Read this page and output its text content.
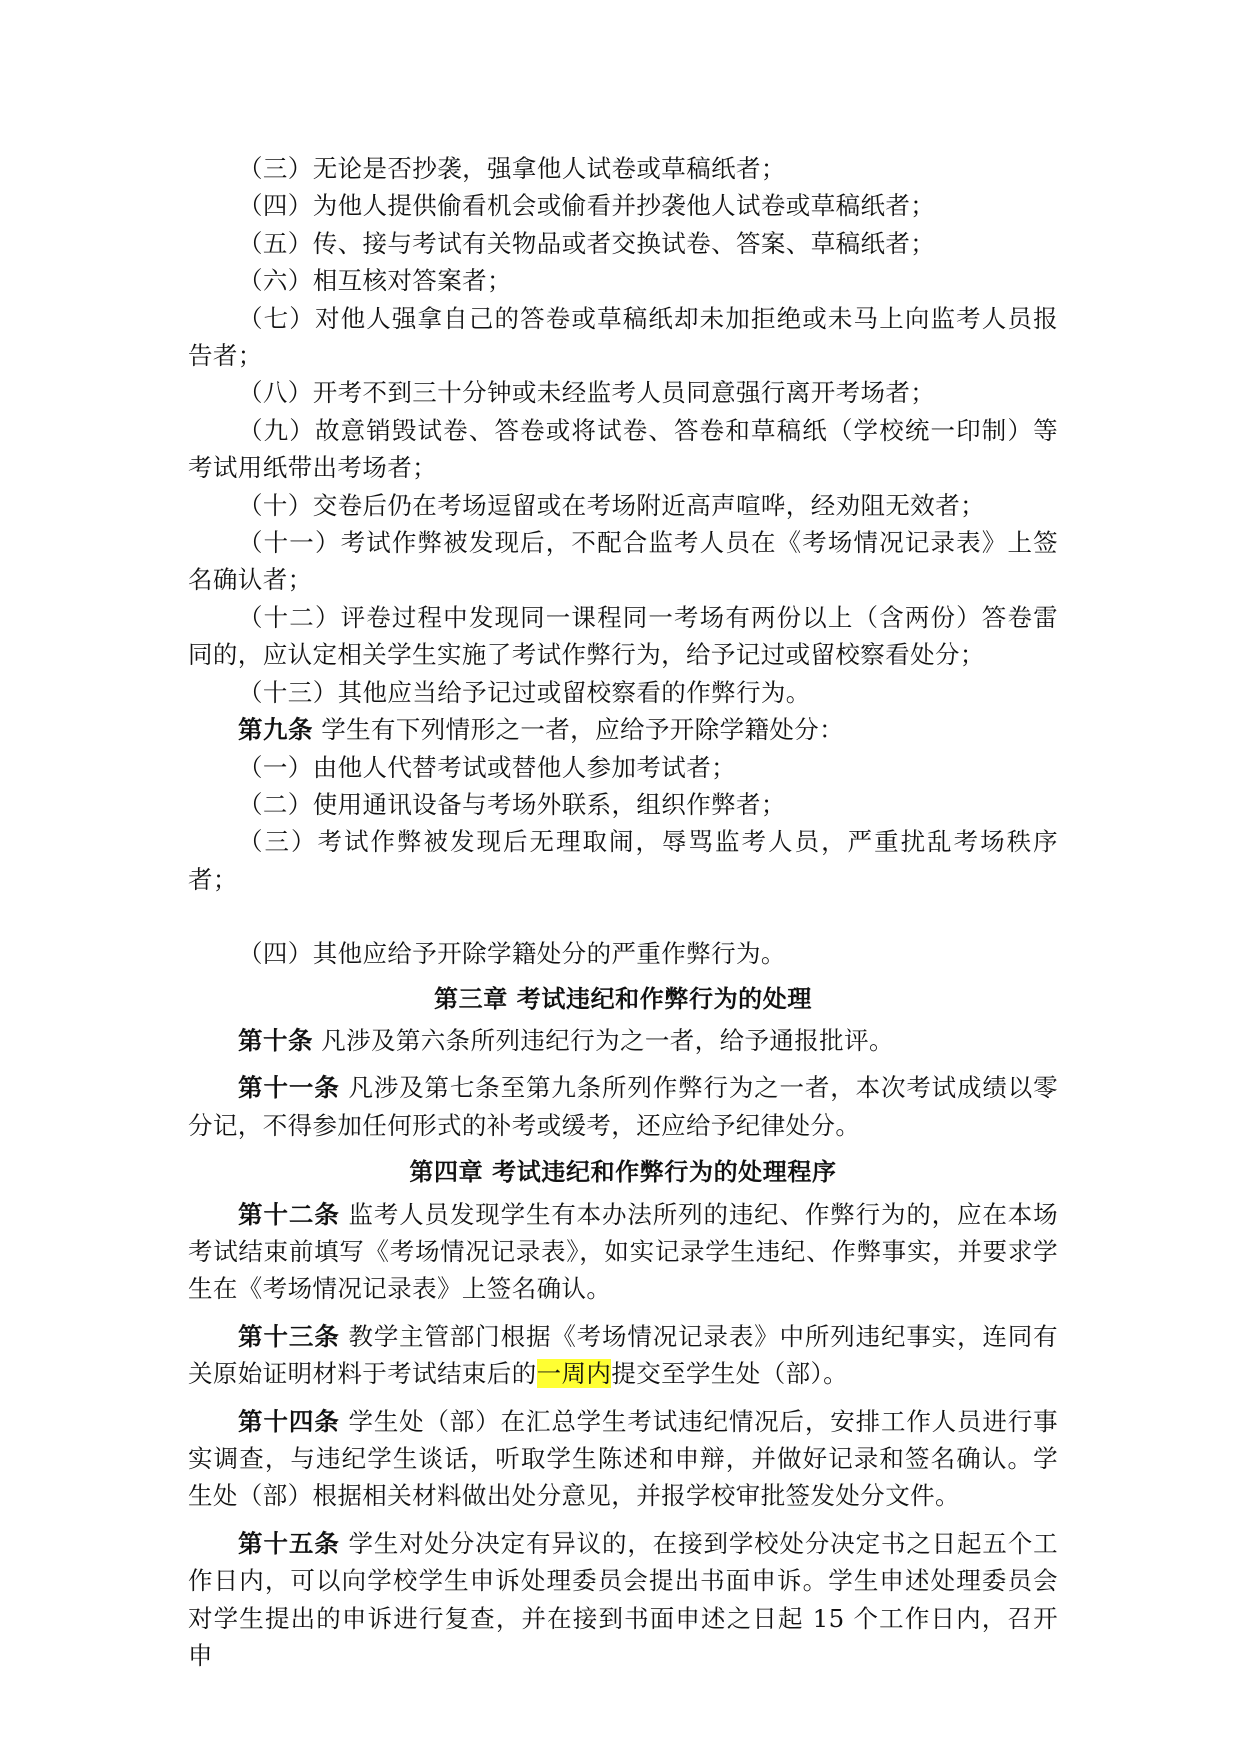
（三）无论是否抄袭，强拿他人试卷或草稿纸者；

（四）为他人提供偷看机会或偷看并抄袭他人试卷或草稿纸者；

（五）传、接与考试有关物品或者交换试卷、答案、草稿纸者；

（六）相互核对答案者；

（七）对他人强拿自己的答卷或草稿纸却未加拒绝或未马上向监考人员报告者；

（八）开考不到三十分钟或未经监考人员同意强行离开考场者；

（九）故意销毁试卷、答卷或将试卷、答卷和草稿纸（学校统一印制）等考试用纸带出考场者；

（十）交卷后仍在考场逗留或在考场附近高声喧哗，经劝阻无效者；

（十一）考试作弊被发现后，不配合监考人员在《考场情况记录表》上签名确认者；

（十二）评卷过程中发现同一课程同一考场有两份以上（含两份）答卷雷同的，应认定相关学生实施了考试作弊行为，给予记过或留校察看处分；

（十三）其他应当给予记过或留校察看的作弊行为。

第九条 学生有下列情形之一者，应给予开除学籍处分：

（一）由他人代替考试或替他人参加考试者；

（二）使用通讯设备与考场外联系，组织作弊者；

（三）考试作弊被发现后无理取闹，辱骂监考人员，严重扰乱考场秩序者；

（四）其他应给予开除学籍处分的严重作弊行为。

第三章 考试违纪和作弊行为的处理

第十条 凡涉及第六条所列违纪行为之一者，给予通报批评。

第十一条 凡涉及第七条至第九条所列作弊行为之一者，本次考试成绩以零分记，不得参加任何形式的补考或缓考，还应给予纪律处分。

第四章 考试违纪和作弊行为的处理程序

第十二条 监考人员发现学生有本办法所列的违纪、作弊行为的，应在本场考试结束前填写《考场情况记录表》，如实记录学生违纪、作弊事实，并要求学生在《考场情况记录表》上签名确认。

第十三条 教学主管部门根据《考场情况记录表》中所列违纪事实，连同有关原始证明材料于考试结束后的一周内提交至学生处（部）。

第十四条 学生处（部）在汇总学生考试违纪情况后，安排工作人员进行事实调查，与违纪学生谈话，听取学生陈述和申辩，并做好记录和签名确认。学生处（部）根据相关材料做出处分意见，并报学校审批签发处分文件。

第十五条 学生对处分决定有异议的，在接到学校处分决定书之日起五个工作日内，可以向学校学生申诉处理委员会提出书面申诉。学生申述处理委员会对学生提出的申诉进行复查，并在接到书面申述之日起 15 个工作日内，召开申
